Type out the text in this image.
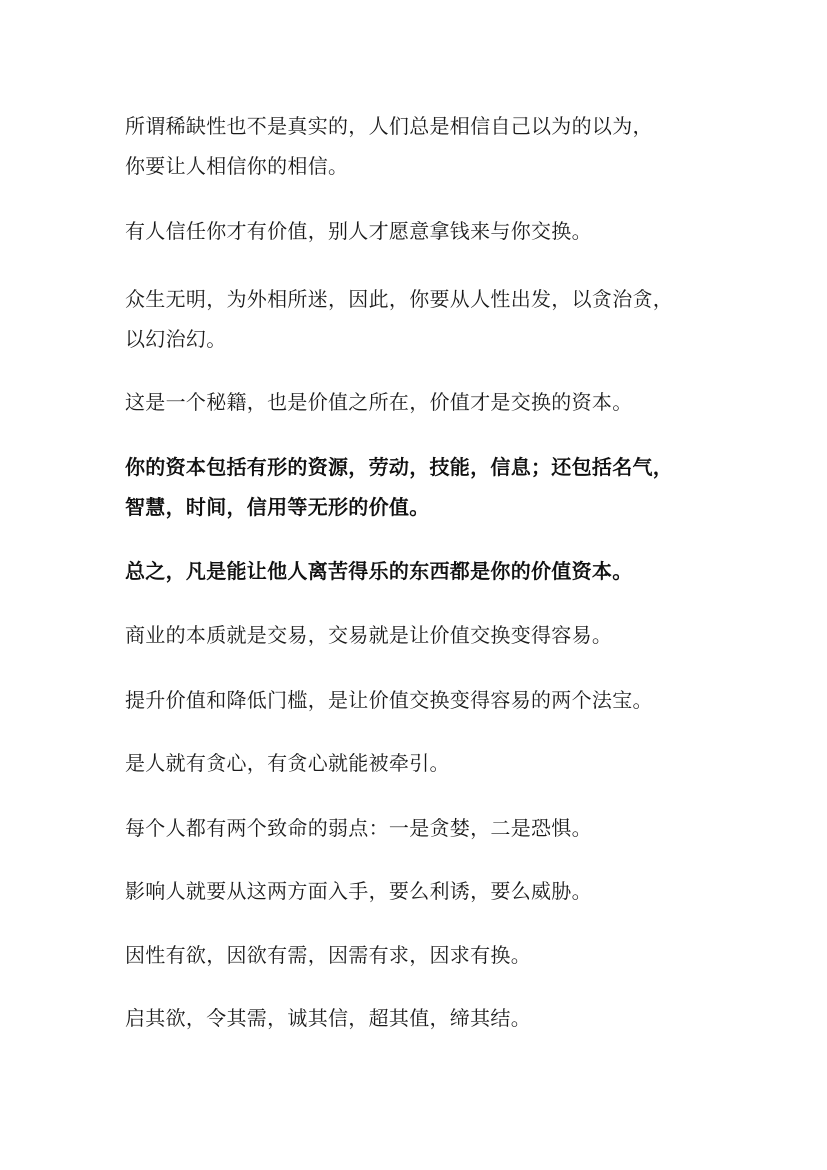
所谓稀缺性也不是真实的，人们总是相信自己以为的以为，
你要让人相信你的相信。

有人信任你才有价值，别人才愿意拿钱来与你交换。

众生无明，为外相所迷，因此，你要从人性出发，以贪治贪，
以幻治幻。

这是一个秘籍，也是价值之所在，价值才是交换的资本。

你的资本包括有形的资源，劳动，技能，信息；还包括名气，
智慧，时间，信用等无形的价值。

总之，凡是能让他人离苦得乐的东西都是你的价值资本。

商业的本质就是交易，交易就是让价值交换变得容易。

提升价值和降低门槛，是让价值交换变得容易的两个法宝。

是人就有贪心，有贪心就能被牵引。

每个人都有两个致命的弱点：一是贪婪，二是恐惧。

影响人就要从这两方面入手，要么利诱，要么威胁。

因性有欲，因欲有需，因需有求，因求有换。

启其欲，令其需，诚其信，超其值，缔其结。
